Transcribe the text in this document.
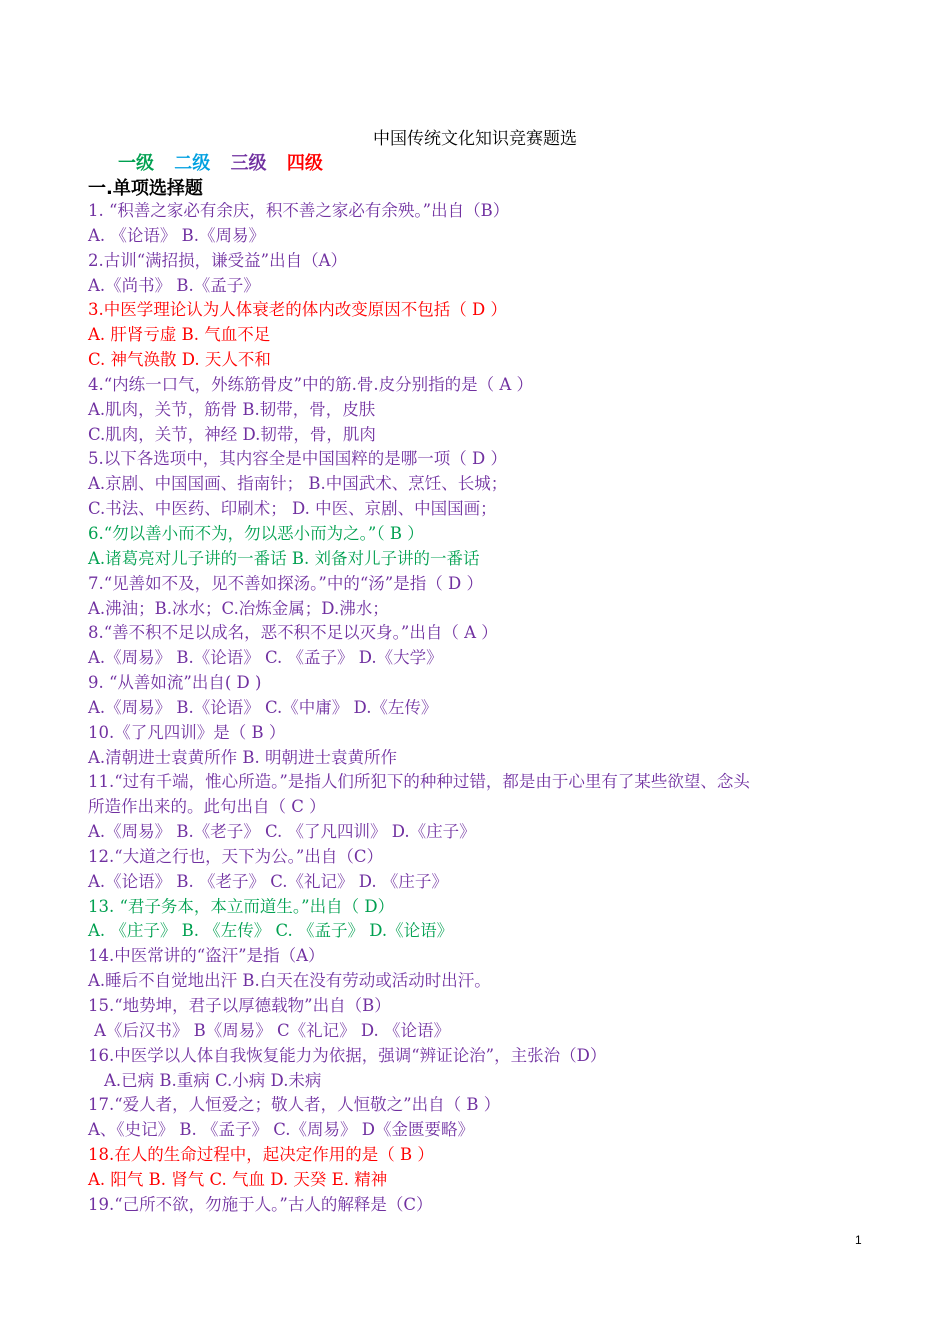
中国传统文化知识竞赛题选
一级 二级 三级 四级
一.单项选择题
1. “积善之家必有余庆，积不善之家必有余殃。”出自（B）
A. 《论语》 B.《周易》
2.古训“满招损，谦受益”出自（A）
A.《尚书》 B.《孟子》
3.中医学理论认为人体衰老的体内改变原因不包括（ D ）
A. 肝肾亏虚 B. 气血不足
C. 神气涣散 D. 天人不和
4.“内练一口气，外练筋骨皮”中的筋.骨.皮分别指的是（ A ）
A.肌肉，关节，筋骨 B.韧带，骨，皮肤
C.肌肉，关节，神经 D.韧带，骨，肌肉
5.以下各选项中，其内容全是中国国粹的是哪一项（ D ）
A.京剧、中国国画、指南针； B.中国武术、烹饪、长城；
C.书法、中医药、印刷术； D. 中医、京剧、中国国画；
6.“勿以善小而不为，勿以恶小而为之。”（ B ）
A.诸葛亮对儿子讲的一番话 B. 刘备对儿子讲的一番话
7.“见善如不及，见不善如探汤。”中的“汤”是指（ D ）
A.沸油；B.冰水；C.冶炼金属；D.沸水；
8.“善不积不足以成名，恶不积不足以灭身。”出自（ A ）
A.《周易》 B.《论语》 C. 《孟子》 D.《大学》
9. “从善如流”出自( D )
A.《周易》 B.《论语》 C.《中庸》 D.《左传》
10.《了凡四训》是（ B ）
A.清朝进士袁黄所作 B. 明朝进士袁黄所作
11.“过有千端，惟心所造。”是指人们所犯下的种种过错，都是由于心里有了某些欲望、念头
所造作出来的。此句出自（ C ）
A.《周易》 B.《老子》 C. 《了凡四训》 D.《庄子》
12.“大道之行也，天下为公。”出自（C）
A.《论语》 B. 《老子》 C.《礼记》 D. 《庄子》
13. “君子务本，本立而道生。”出自（ D）
A. 《庄子》 B. 《左传》 C. 《孟子》 D.《论语》
14.中医常讲的“盗汗”是指（A）
A.睡后不自觉地出汗 B.白天在没有劳动或活动时出汗。
15.“地势坤，君子以厚德载物”出自（B）
A《后汉书》 B《周易》 C《礼记》 D. 《论语》
16.中医学以人体自我恢复能力为依据，强调“辨证论治”，主张治（D）
A.已病 B.重病 C.小病 D.未病
17.“爱人者，人恒爱之；敬人者，人恒敬之”出自（ B ）
A、《史记》 B. 《孟子》 C.《周易》 D《金匮要略》
18.在人的生命过程中，起决定作用的是（ B ）
A. 阳气 B. 肾气 C. 气血 D. 天癸 E. 精神
19.“己所不欲，勿施于人。”古人的解释是（C）
1
